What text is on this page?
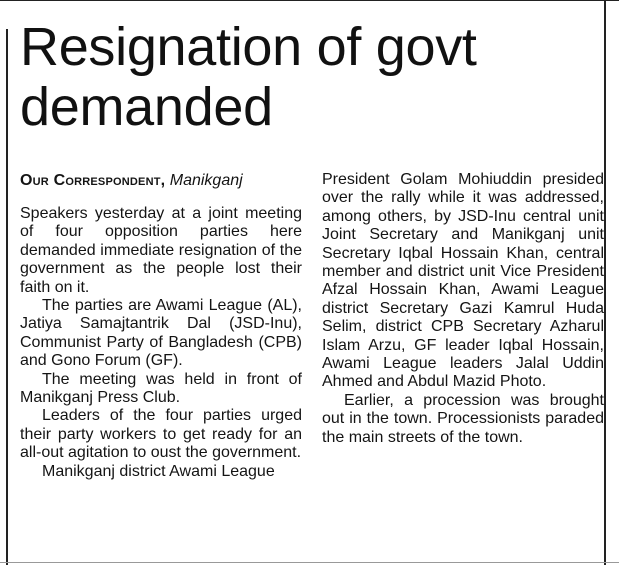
Resignation of govt demanded
Our Correspondent, Manikganj

Speakers yesterday at a joint meeting of four opposition parties here demanded immediate resignation of the government as the people lost their faith on it.

The parties are Awami League (AL), Jatiya Samajtantrik Dal (JSD-Inu), Communist Party of Bangladesh (CPB) and Gono Forum (GF).

The meeting was held in front of Manikganj Press Club.

Leaders of the four parties urged their party workers to get ready for an all-out agitation to oust the government.

Manikganj district Awami League

President Golam Mohiuddin presided over the rally while it was addressed, among others, by JSD-Inu central unit Joint Secretary and Manikganj unit Secretary Iqbal Hossain Khan, central member and district unit Vice President Afzal Hossain Khan, Awami League district Secretary Gazi Kamrul Huda Selim, district CPB Secretary Azharul Islam Arzu, GF leader Iqbal Hossain, Awami League leaders Jalal Uddin Ahmed and Abdul Mazid Photo.

Earlier, a procession was brought out in the town. Processionists paraded the main streets of the town.
